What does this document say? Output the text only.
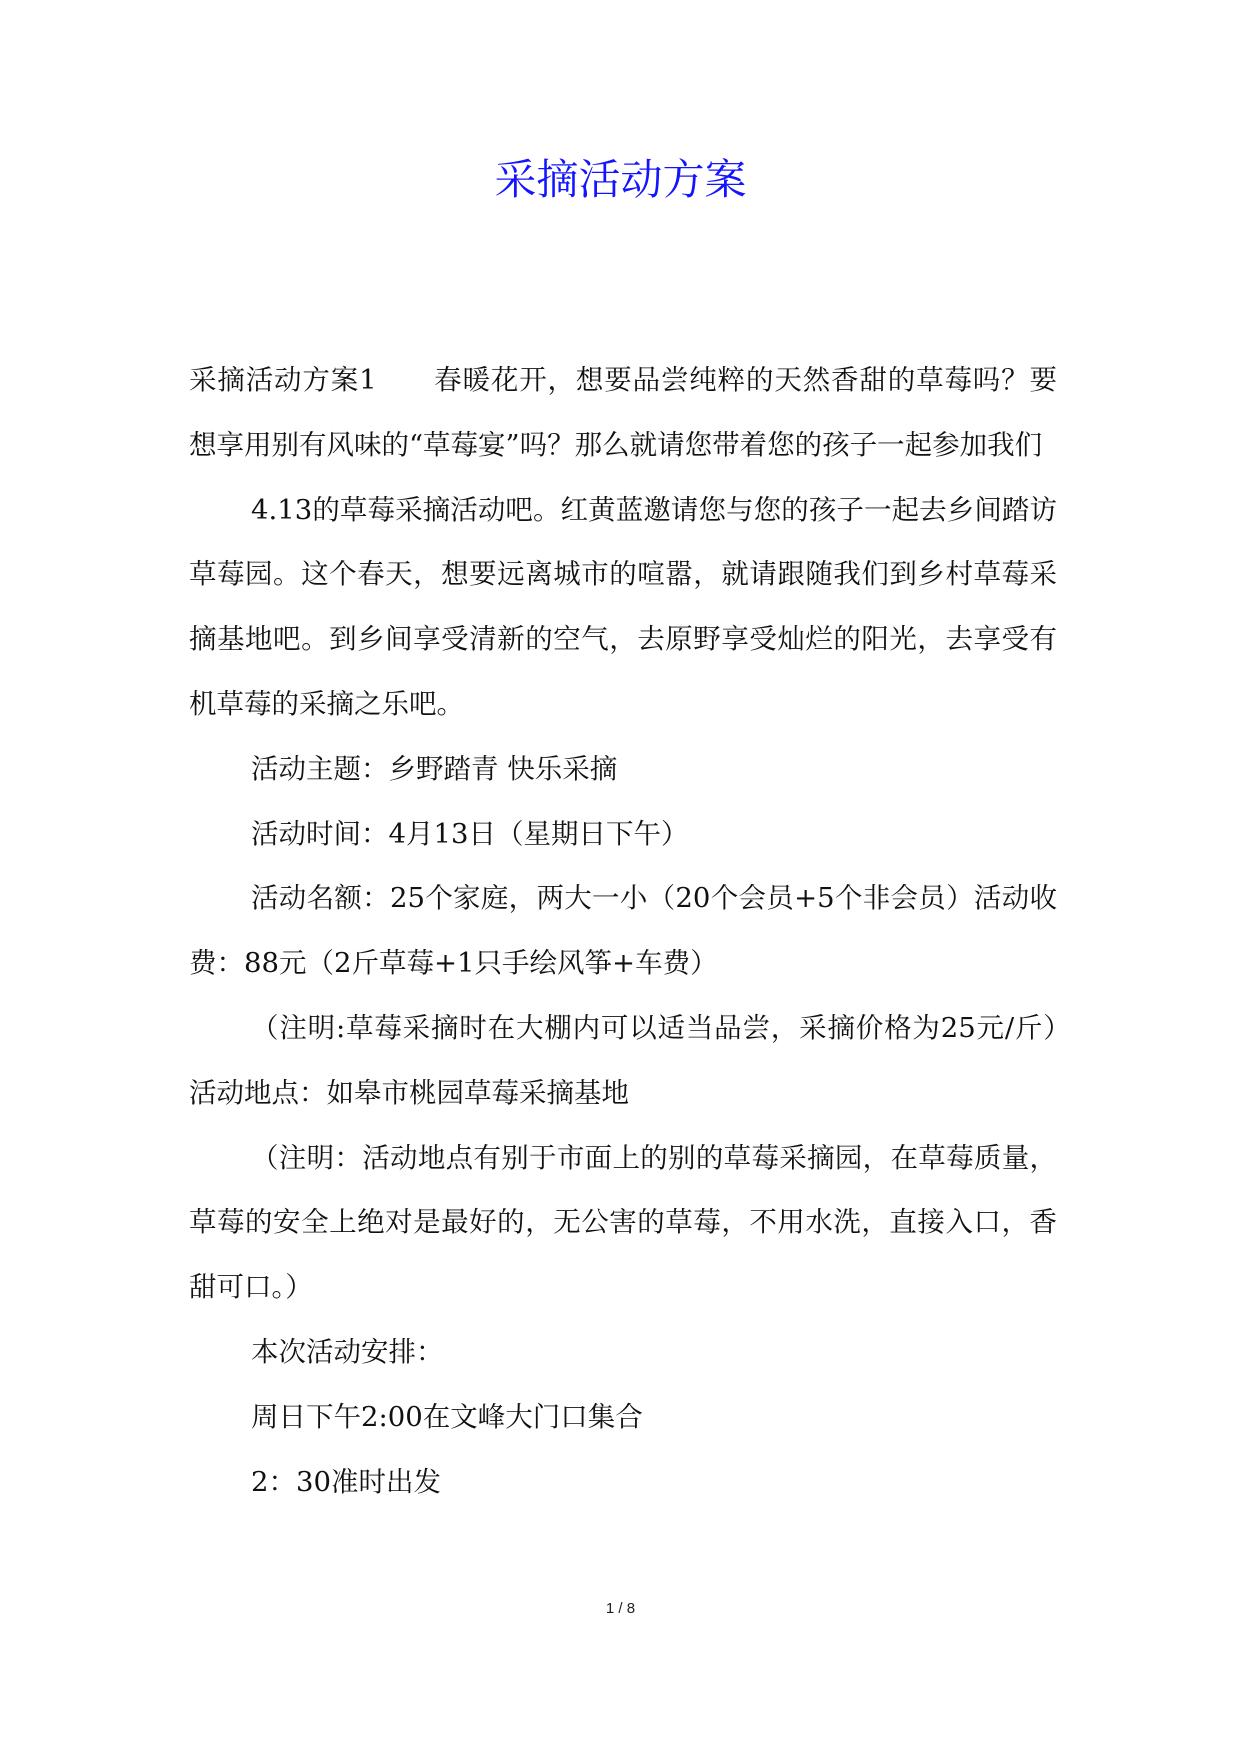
采摘活动方案

采摘活动方案1　　春暖花开，想要品尝纯粹的天然香甜的草莓吗？要想享用别有风味的“草莓宴”吗？那么就请您带着您的孩子一起参加我们

4.13的草莓采摘活动吧。红黄蓝邀请您与您的孩子一起去乡间踏访草莓园。这个春天，想要远离城市的喧嚣，就请跟随我们到乡村草莓采摘基地吧。到乡间享受清新的空气，去原野享受灿烂的阳光，去享受有机草莓的采摘之乐吧。

活动主题：乡野踏青 快乐采摘

活动时间：4月13日（星期日下午）

活动名额：25个家庭，两大一小（20个会员+5个非会员）活动收费：88元（2斤草莓+1只手绘风筝+车费）

（注明:草莓采摘时在大棚内可以适当品尝，采摘价格为25元/斤）　活动地点：如皋市桃园草莓采摘基地

（注明：活动地点有别于市面上的别的草莓采摘园，在草莓质量，草莓的安全上绝对是最好的，无公害的草莓，不用水洗，直接入口，香甜可口。）

本次活动安排：

周日下午2:00在文峰大门口集合

2：30准时出发

1 / 8
